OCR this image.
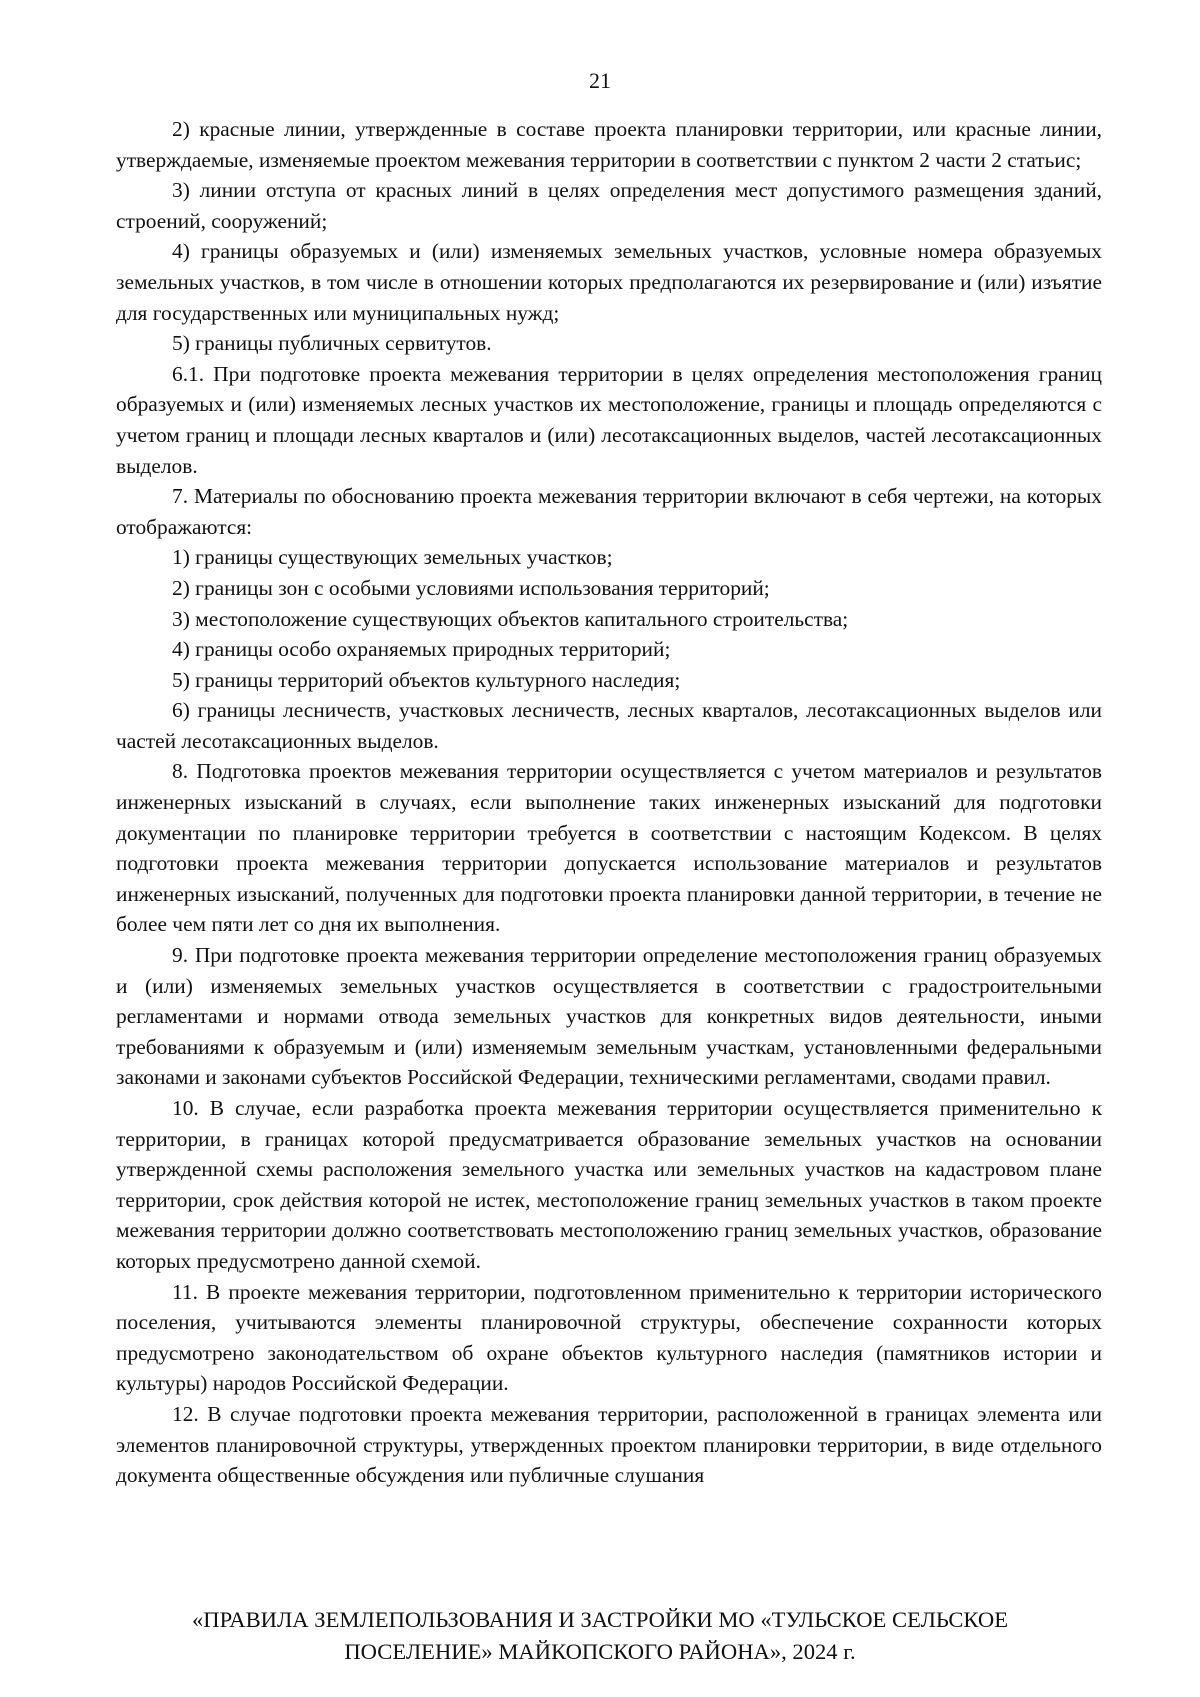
21

2) красные линии, утвержденные в составе проекта планировки территории, или красные линии, утверждаемые, изменяемые проектом межевания территории в соответствии с пунктом 2 части 2 статьис;

3) линии отступа от красных линий в целях определения мест допустимого размещения зданий, строений, сооружений;

4) границы образуемых и (или) изменяемых земельных участков, условные номера образуемых земельных участков, в том числе в отношении которых предполагаются их резервирование и (или) изъятие для государственных или муниципальных нужд;

5) границы публичных сервитутов.

6.1. При подготовке проекта межевания территории в целях определения местоположения границ образуемых и (или) изменяемых лесных участков их местоположение, границы и площадь определяются с учетом границ и площади лесных кварталов и (или) лесотаксационных выделов, частей лесотаксационных выделов.

7. Материалы по обоснованию проекта межевания территории включают в себя чертежи, на которых отображаются:

1) границы существующих земельных участков;

2) границы зон с особыми условиями использования территорий;

3) местоположение существующих объектов капитального строительства;

4) границы особо охраняемых природных территорий;

5) границы территорий объектов культурного наследия;

6) границы лесничеств, участковых лесничеств, лесных кварталов, лесотаксационных выделов или частей лесотаксационных выделов.

8. Подготовка проектов межевания территории осуществляется с учетом материалов и результатов инженерных изысканий в случаях, если выполнение таких инженерных изысканий для подготовки документации по планировке территории требуется в соответствии с настоящим Кодексом. В целях подготовки проекта межевания территории допускается использование материалов и результатов инженерных изысканий, полученных для подготовки проекта планировки данной территории, в течение не более чем пяти лет со дня их выполнения.

9. При подготовке проекта межевания территории определение местоположения границ образуемых и (или) изменяемых земельных участков осуществляется в соответствии с градостроительными регламентами и нормами отвода земельных участков для конкретных видов деятельности, иными требованиями к образуемым и (или) изменяемым земельным участкам, установленными федеральными законами и законами субъектов Российской Федерации, техническими регламентами, сводами правил.

10. В случае, если разработка проекта межевания территории осуществляется применительно к территории, в границах которой предусматривается образование земельных участков на основании утвержденной схемы расположения земельного участка или земельных участков на кадастровом плане территории, срок действия которой не истек, местоположение границ земельных участков в таком проекте межевания территории должно соответствовать местоположению границ земельных участков, образование которых предусмотрено данной схемой.

11. В проекте межевания территории, подготовленном применительно к территории исторического поселения, учитываются элементы планировочной структуры, обеспечение сохранности которых предусмотрено законодательством об охране объектов культурного наследия (памятников истории и культуры) народов Российской Федерации.

12. В случае подготовки проекта межевания территории, расположенной в границах элемента или элементов планировочной структуры, утвержденных проектом планировки территории, в виде отдельного документа общественные обсуждения или публичные слушания

«ПРАВИЛА ЗЕМЛЕПОЛЬЗОВАНИЯ И ЗАСТРОЙКИ МО «ТУЛЬСКОЕ СЕЛЬСКОЕ
ПОСЕЛЕНИЕ» МАЙКОПСКОГО РАЙОНА», 2024 г.
